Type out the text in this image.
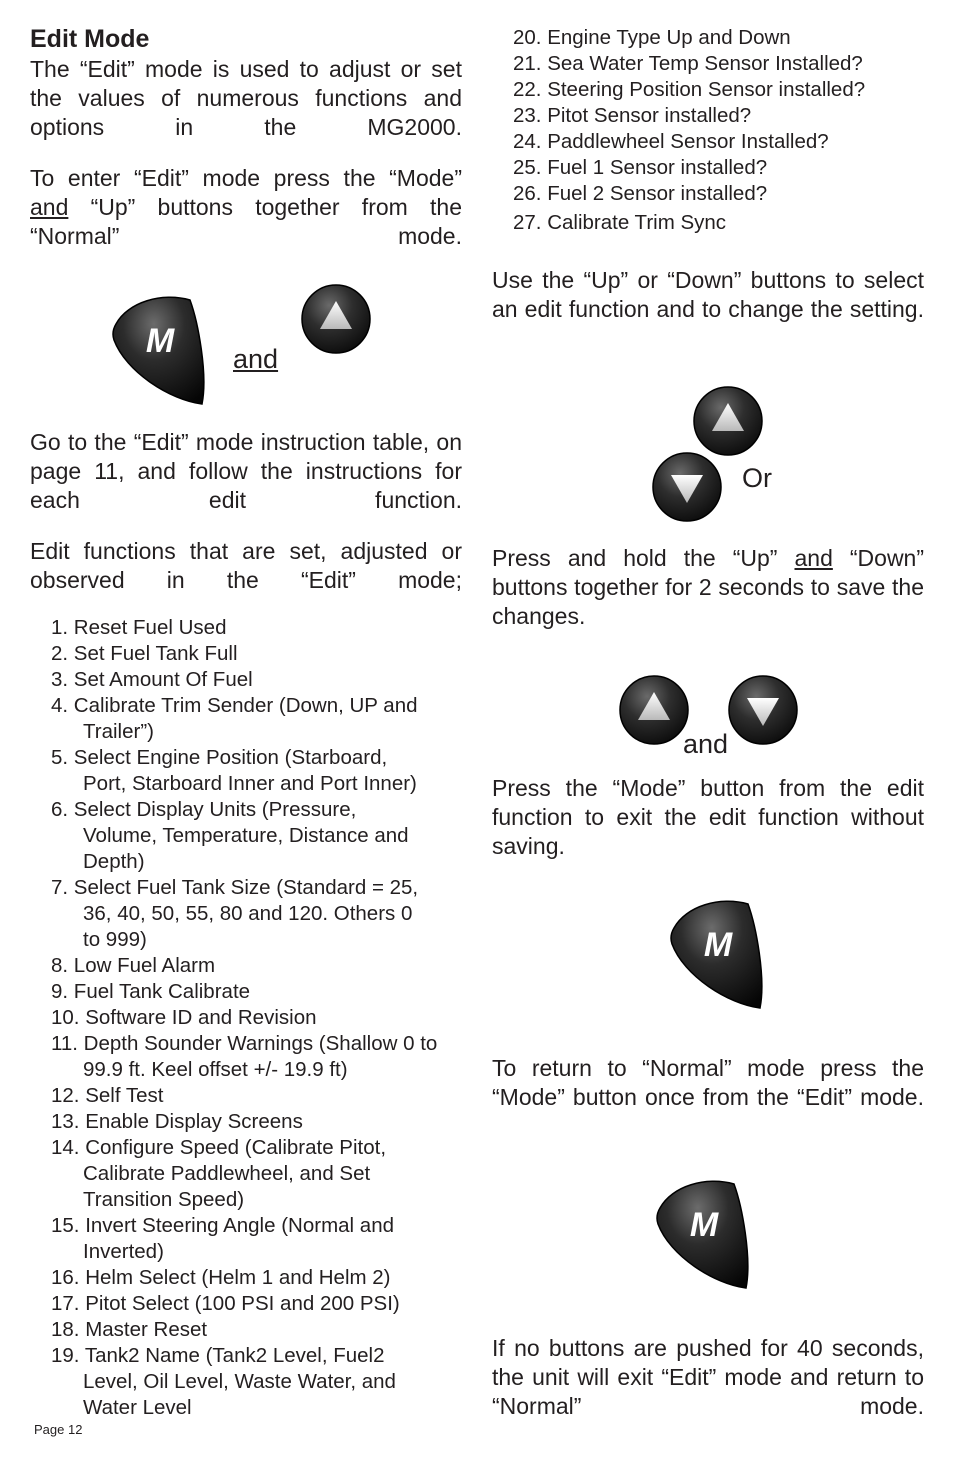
Edit Mode
The “Edit” mode is used to adjust or set the values of numerous functions and options in the MG2000.
To enter “Edit” mode press the “Mode” and “Up” buttons together from the “Normal” mode.
M and
Go to the “Edit” mode instruction table, on page 11, and follow the instructions for each edit function.
Edit functions that are set, adjusted or observed in the “Edit” mode;
1. Reset Fuel Used
2. Set Fuel Tank Full
3. Set Amount Of Fuel
4. Calibrate Trim Sender (Down, UP and
Trailer”)
5. Select Engine Position (Starboard,
Port, Starboard Inner and Port Inner)
6. Select Display Units (Pressure,
Volume, Temperature, Distance and
Depth)
7. Select Fuel Tank Size (Standard = 25,
36, 40, 50, 55, 80 and 120. Others 0
to 999)
8. Low Fuel Alarm
9. Fuel Tank Calibrate
10. Software ID and Revision
11. Depth Sounder Warnings (Shallow 0 to
99.9 ft. Keel offset +/- 19.9 ft)
12. Self Test
13. Enable Display Screens
14. Configure Speed (Calibrate Pitot,
Calibrate Paddlewheel, and Set
Transition Speed)
15. Invert Steering Angle (Normal and
Inverted)
16. Helm Select (Helm 1 and Helm 2)
17. Pitot Select (100 PSI and 200 PSI)
18. Master Reset
19. Tank2 Name (Tank2 Level, Fuel2
Level, Oil Level, Waste Water, and
Water Level
Page 12
20. Engine Type Up and Down
21. Sea Water Temp Sensor Installed?
22. Steering Position Sensor installed?
23. Pitot Sensor installed?
24. Paddlewheel Sensor Installed?
25. Fuel 1 Sensor installed?
26. Fuel 2 Sensor installed?
27. Calibrate Trim Sync
Use the “Up” or “Down” buttons to select an edit function and to change the setting.
Or
Press and hold the “Up” and “Down” buttons together for 2 seconds to save the changes.
and
Press the “Mode” button from the edit function to exit the edit function without saving.
M
To return to “Normal” mode press the “Mode” button once from the “Edit” mode.
M
If no buttons are pushed for 40 seconds, the unit will exit “Edit” mode and return to “Normal” mode.
